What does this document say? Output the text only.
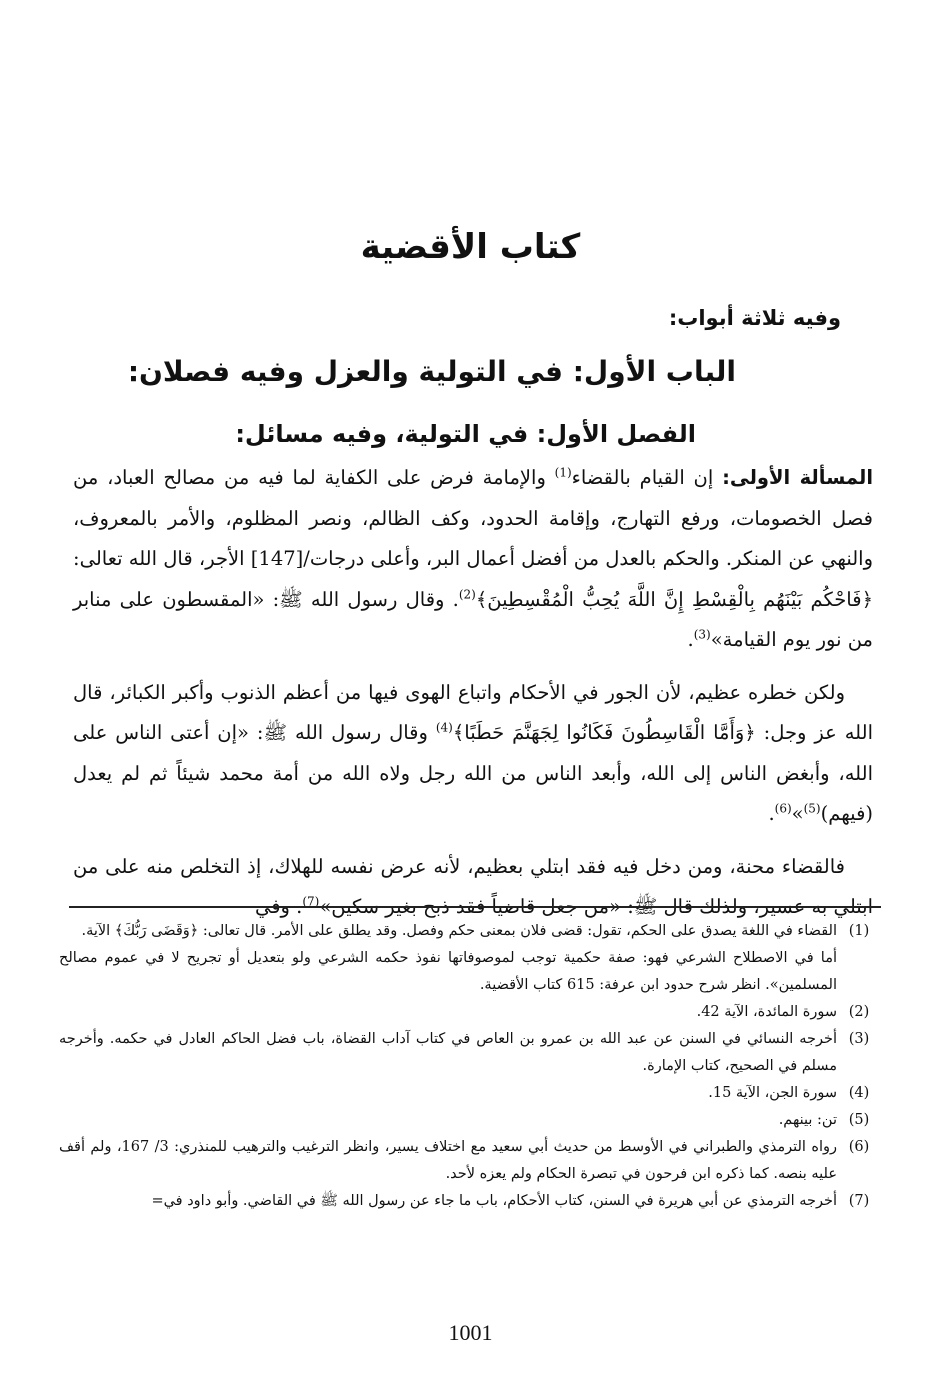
كتاب الأقضية
وفيه ثلاثة أبواب:
الباب الأول: في التولية والعزل وفيه فصلان:
الفصل الأول: في التولية، وفيه مسائل:

المسألة الأولى: إن القيام بالقضاء$^{(1)}$ والإمامة فرض على الكفاية لما فيه من مصالح العباد، من فصل الخصومات، ورفع التهارج، وإقامة الحدود، وكف الظالم، ونصر المظلوم، والأمر بالمعروف، والنهي عن المنكر. والحكم بالعدل من أفضل أعمال البر، وأعلى درجات/[147] الأجر، قال الله تعالى: ﴿فَاحْكُم بَيْنَهُم بِالْقِسْطِ إِنَّ اللَّهَ يُحِبُّ الْمُقْسِطِينَ﴾$^{(2)}$. وقال رسول الله ﷺ: «المقسطون على منابر من نور يوم القيامة»$^{(3)}$.

ولكن خطره عظيم، لأن الجور في الأحكام واتباع الهوى فيها من أعظم الذنوب وأكبر الكبائر، قال الله عز وجل: ﴿وَأَمَّا الْقَاسِطُونَ فَكَانُوا لِجَهَنَّمَ حَطَبًا﴾$^{(4)}$ وقال رسول الله ﷺ: «إن أعتى الناس على الله، وأبغض الناس إلى الله، وأبعد الناس من الله رجل ولاه الله من أمة محمد شيئاً ثم لم يعدل (فيهم)$^{(5)}$»$^{(6)}$.

فالقضاء محنة، ومن دخل فيه فقد ابتلي بعظيم، لأنه عرض نفسه للهلاك، إذ التخلص منه على من ابتلي به عسير، ولذلك قال ﷺ: «من جعل قاضياً فقد ذبح بغير سكين»$^{(7)}$. وفي

(1)
القضاء في اللغة يصدق على الحكم، تقول: قضى فلان بمعنى حكم وفصل. وقد يطلق على الأمر. قال تعالى: ﴿وَقَضَى رَبُّكَ﴾ الآية.
أما في الاصطلاح الشرعي فهو: صفة حكمية توجب لموصوفاتها نفوذ حكمه الشرعي ولو بتعديل أو تجريح لا في عموم مصالح المسلمين». انظر شرح حدود ابن عرفة: 615 كتاب الأقضية.
(2)
سورة المائدة، الآية 42.
(3)
أخرجه النسائي في السنن عن عبد الله بن عمرو بن العاص في كتاب آداب القضاة، باب فضل الحاكم العادل في حكمه. وأخرجه مسلم في الصحيح، كتاب الإمارة.
(4)
سورة الجن، الآية 15.
(5)
تن: بينهم.
(6)
رواه الترمذي والطبراني في الأوسط من حديث أبي سعيد مع اختلاف يسير، وانظر الترغيب والترهيب للمنذري: 3/ 167، ولم أقف عليه بنصه. كما ذكره ابن فرحون في تبصرة الحكام ولم يعزه لأحد.
(7)
أخرجه الترمذي عن أبي هريرة في السنن، كتاب الأحكام، باب ما جاء عن رسول الله ﷺ في القاضي. وأبو داود في=
1001
